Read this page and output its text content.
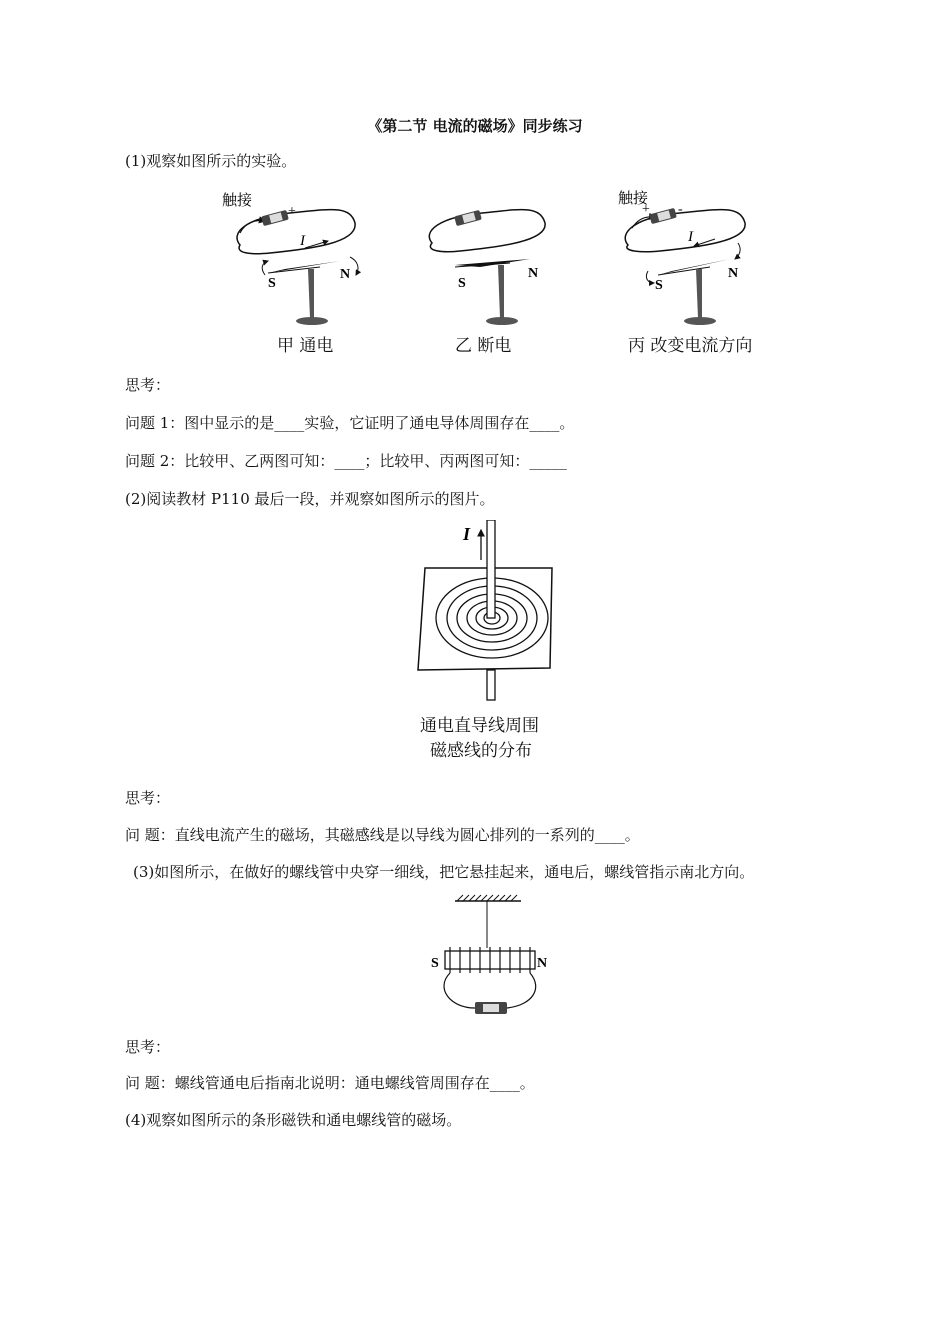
《第二节 电流的磁场》同步练习
(1)观察如图所示的实验。
触接
-
+
I
S
N
S
N
触接
+ -
I
S
N
甲 通电	乙 断电	丙 改变电流方向
思考：
问题 1：图中显示的是____实验，它证明了通电导体周围存在____。
问题 2：比较甲、乙两图可知：____；比较甲、丙两图可知：_____
(2)阅读教材 P110 最后一段，并观察如图所示的图片。
I
通电直导线周围
磁感线的分布
思考：
问 题：直线电流产生的磁场，其磁感线是以导线为圆心排列的一系列的____。
(3)如图所示，在做好的螺线管中央穿一细线，把它悬挂起来，通电后，螺线管指示南北方向。
S	N
思考：
问 题：螺线管通电后指南北说明：通电螺线管周围存在____。
(4)观察如图所示的条形磁铁和通电螺线管的磁场。
